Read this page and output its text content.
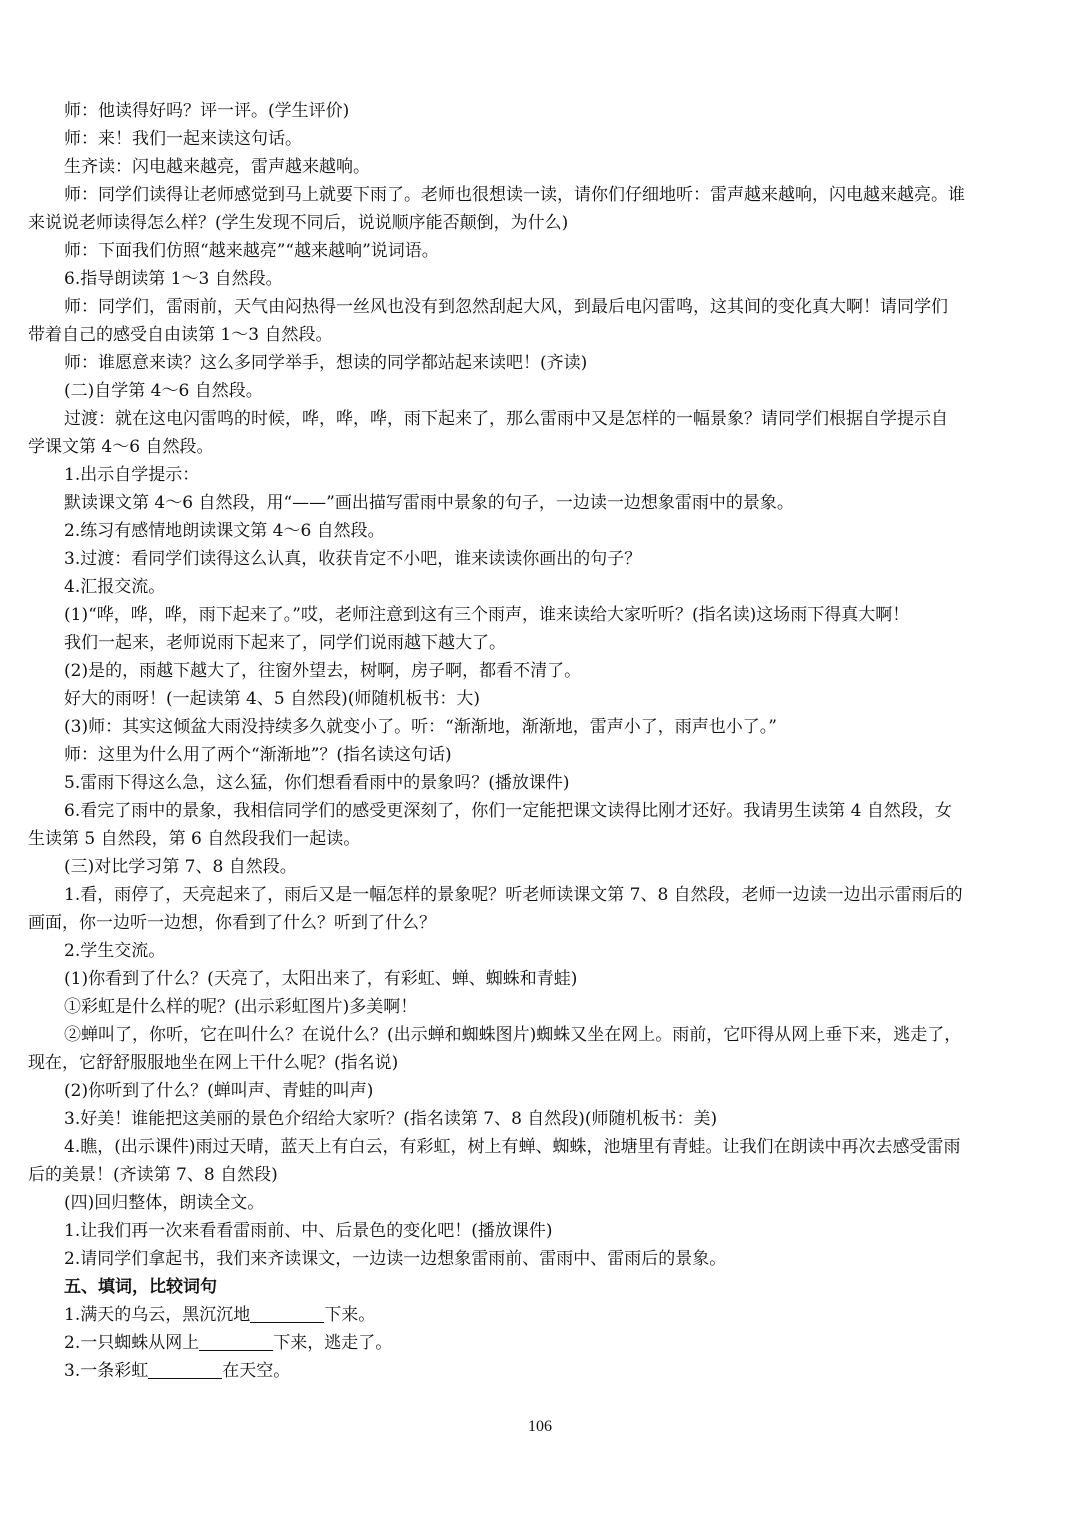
师：他读得好吗？评一评。(学生评价)

师：来！我们一起来读这句话。

生齐读：闪电越来越亮，雷声越来越响。

师：同学们读得让老师感觉到马上就要下雨了。老师也很想读一读，请你们仔细地听：雷声越来越响，闪电越来越亮。谁

来说说老师读得怎么样？(学生发现不同后，说说顺序能否颠倒，为什么)

师：下面我们仿照“越来越亮”“越来越响”说词语。

6.指导朗读第 1～3 自然段。

师：同学们，雷雨前，天气由闷热得一丝风也没有到忽然刮起大风，到最后电闪雷鸣，这其间的变化真大啊！请同学们

带着自己的感受自由读第 1～3 自然段。

师：谁愿意来读？这么多同学举手，想读的同学都站起来读吧！(齐读)

(二)自学第 4～6 自然段。

过渡：就在这电闪雷鸣的时候，哗，哗，哗，雨下起来了，那么雷雨中又是怎样的一幅景象？请同学们根据自学提示自

学课文第 4～6 自然段。

1.出示自学提示：

默读课文第 4～6 自然段，用“——”画出描写雷雨中景象的句子，一边读一边想象雷雨中的景象。

2.练习有感情地朗读课文第 4～6 自然段。

3.过渡：看同学们读得这么认真，收获肯定不小吧，谁来读读你画出的句子？

4.汇报交流。

(1)“哗，哗，哗，雨下起来了。”哎，老师注意到这有三个雨声，谁来读给大家听听？(指名读)这场雨下得真大啊！

我们一起来，老师说雨下起来了，同学们说雨越下越大了。

(2)是的，雨越下越大了，往窗外望去，树啊，房子啊，都看不清了。

好大的雨呀！(一起读第 4、5 自然段)(师随机板书：大)

(3)师：其实这倾盆大雨没持续多久就变小了。听：“渐渐地，渐渐地，雷声小了，雨声也小了。”

师：这里为什么用了两个“渐渐地”？(指名读这句话)

5.雷雨下得这么急，这么猛，你们想看看雨中的景象吗？(播放课件)

6.看完了雨中的景象，我相信同学们的感受更深刻了，你们一定能把课文读得比刚才还好。我请男生读第 4 自然段，女

生读第 5 自然段，第 6 自然段我们一起读。

(三)对比学习第 7、8 自然段。

1.看，雨停了，天亮起来了，雨后又是一幅怎样的景象呢？听老师读课文第 7、8 自然段，老师一边读一边出示雷雨后的

画面，你一边听一边想，你看到了什么？听到了什么？

2.学生交流。

(1)你看到了什么？(天亮了，太阳出来了，有彩虹、蝉、蜘蛛和青蛙)

①彩虹是什么样的呢？(出示彩虹图片)多美啊！

②蝉叫了，你听，它在叫什么？在说什么？(出示蝉和蜘蛛图片)蜘蛛又坐在网上。雨前，它吓得从网上垂下来，逃走了，

现在，它舒舒服服地坐在网上干什么呢？(指名说)

(2)你听到了什么？(蝉叫声、青蛙的叫声)

3.好美！谁能把这美丽的景色介绍给大家听？(指名读第 7、8 自然段)(师随机板书：美)

4.瞧，(出示课件)雨过天晴，蓝天上有白云，有彩虹，树上有蝉、蜘蛛，池塘里有青蛙。让我们在朗读中再次去感受雷雨

后的美景！(齐读第 7、8 自然段)

(四)回归整体，朗读全文。

1.让我们再一次来看看雷雨前、中、后景色的变化吧！(播放课件)

2.请同学们拿起书，我们来齐读课文，一边读一边想象雷雨前、雷雨中、雷雨后的景象。

五、填词，比较词句

1.满天的乌云，黑沉沉地	下来。

2.一只蜘蛛从网上	下来，逃走了。

3.一条彩虹	在天空。

106
